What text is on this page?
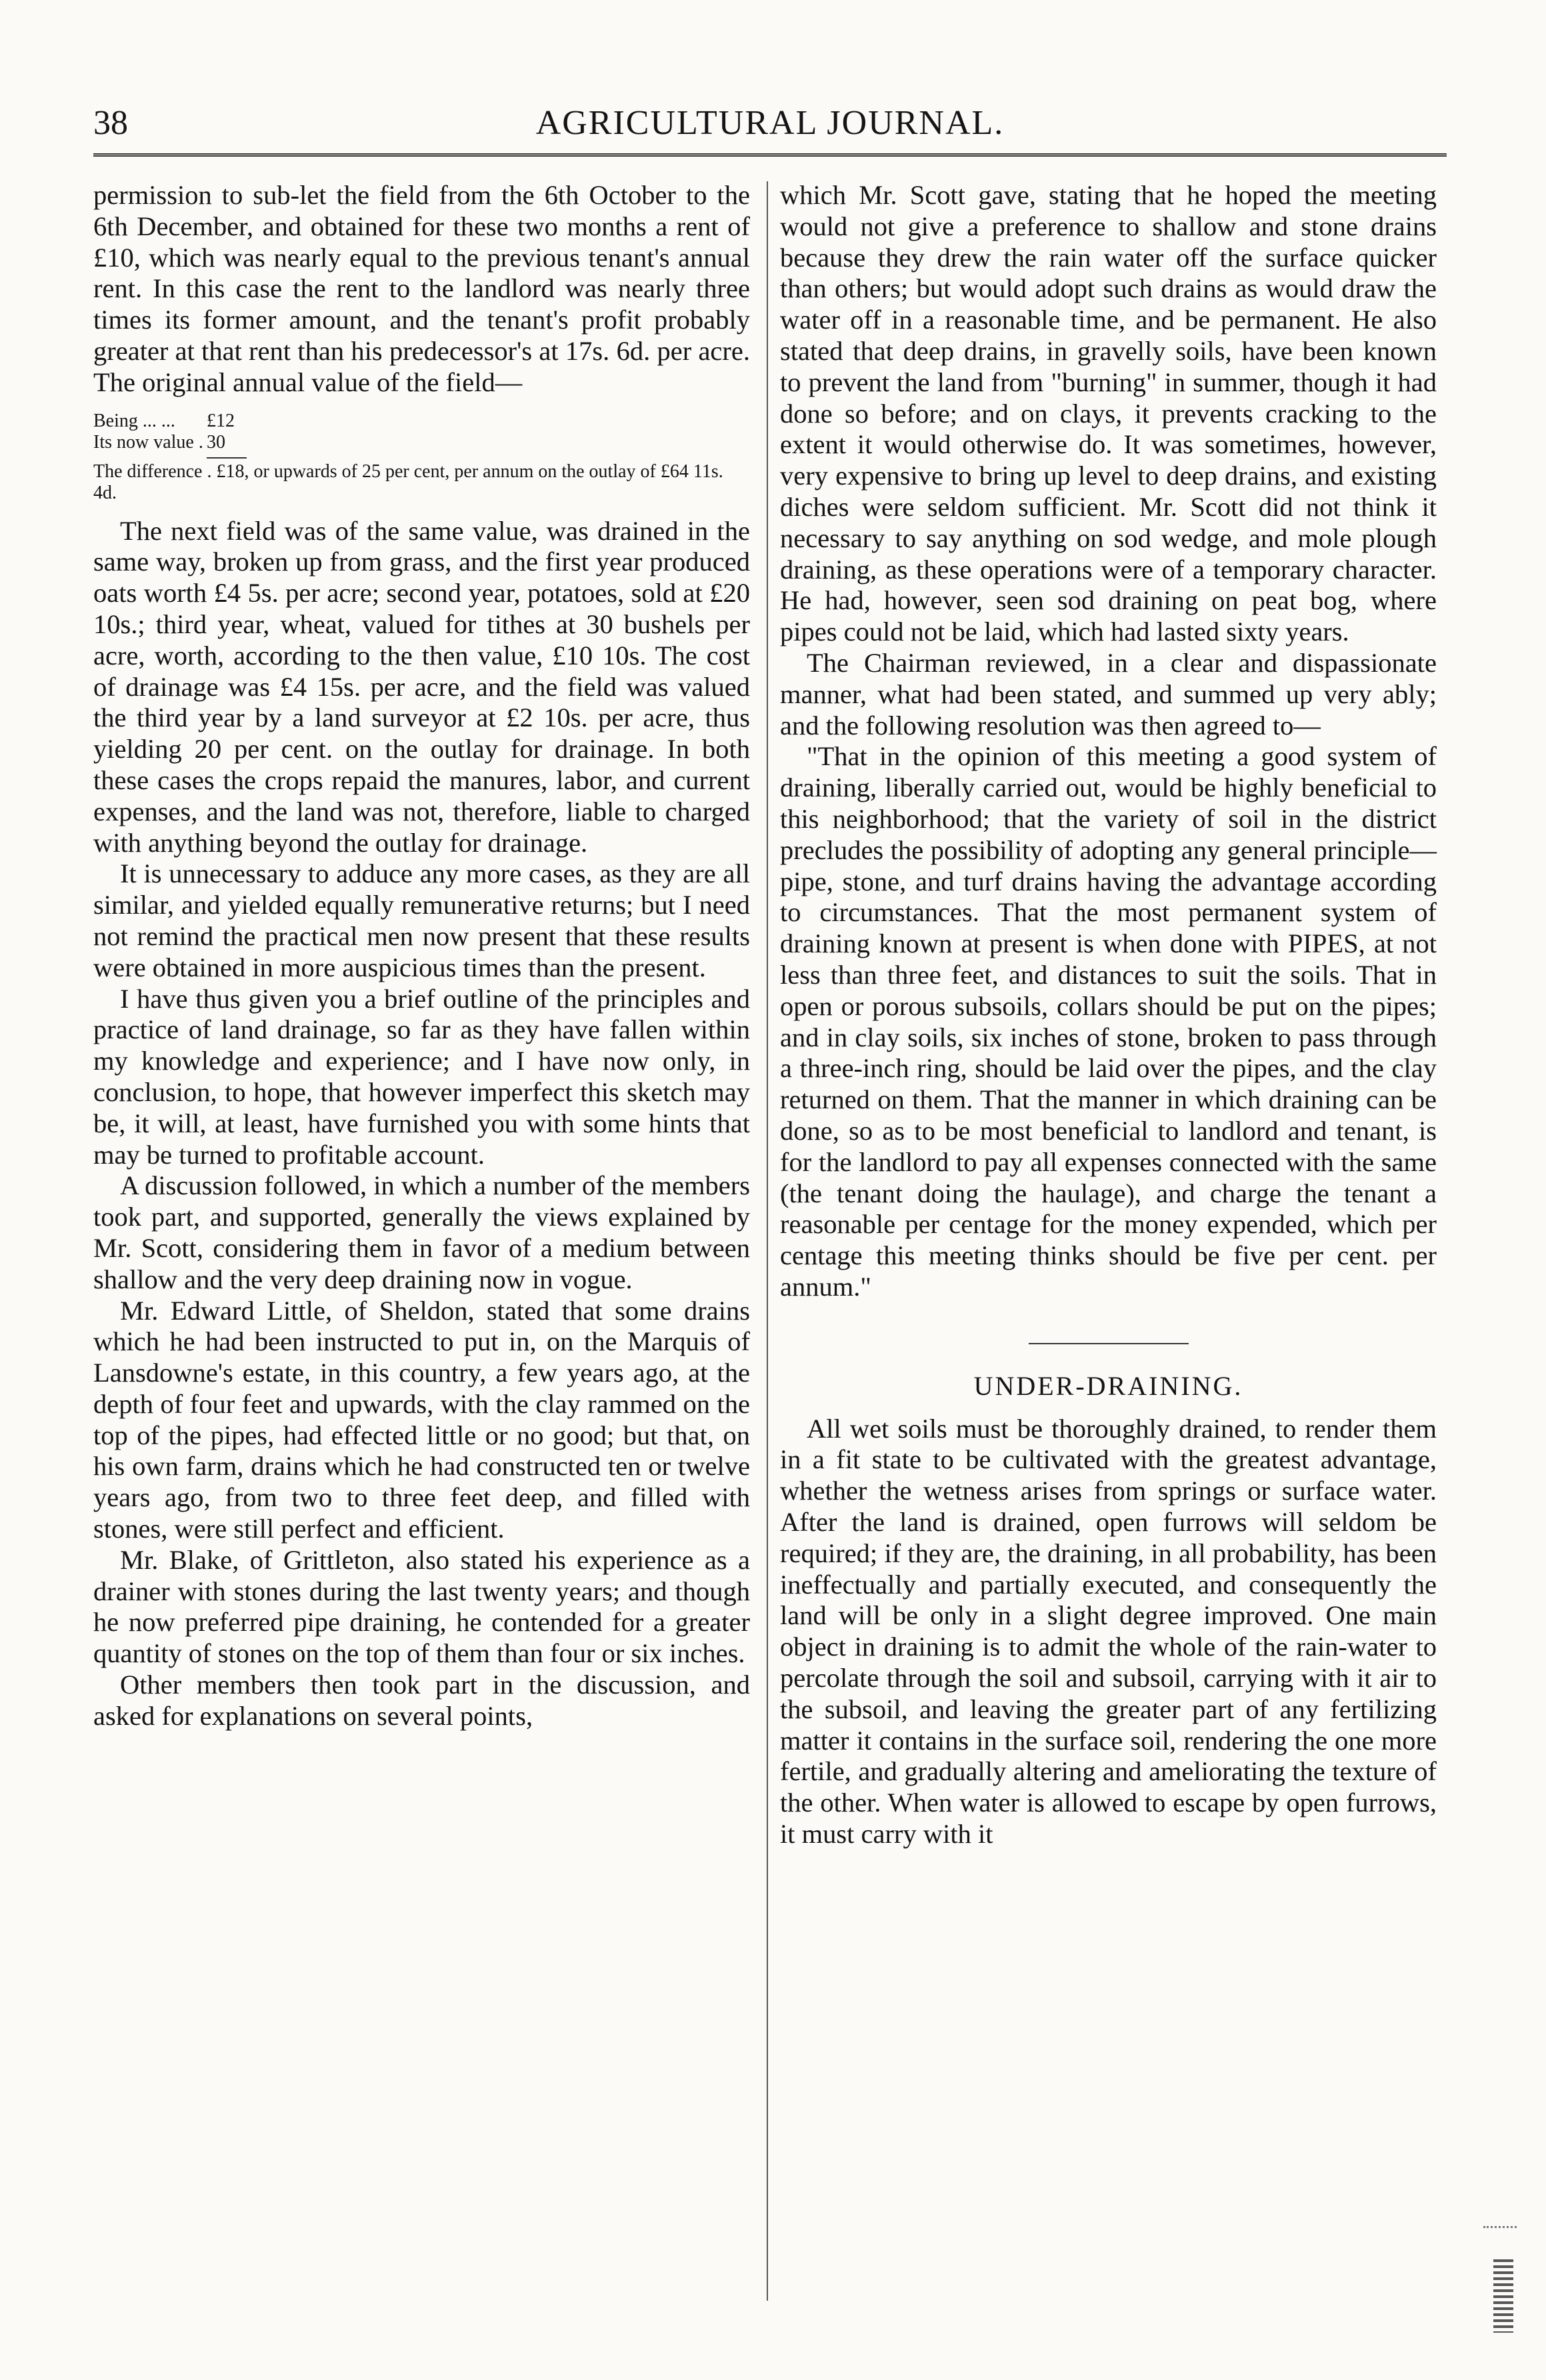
38	AGRICULTURAL JOURNAL.

permission to sub-let the field from the 6th October to the 6th December, and obtained for these two months a rent of £10, which was nearly equal to the previous tenant's annual rent. In this case the rent to the landlord was nearly three times its former amount, and the tenant's profit probably greater at that rent than his predecessor's at 17s. 6d. per acre. The original annual value of the field—

Being ... ...	£12
Its now value . 30
The difference . £18, or upwards of 25 per cent, per annum on the outlay of £64 11s. 4d.

The next field was of the same value, was drained in the same way, broken up from grass, and the first year produced oats worth £4 5s. per acre; second year, potatoes, sold at £20 10s.; third year, wheat, valued for tithes at 30 bushels per acre, worth, according to the then value, £10 10s. The cost of drainage was £4 15s. per acre, and the field was valued the third year by a land surveyor at £2 10s. per acre, thus yielding 20 per cent. on the outlay for drainage. In both these cases the crops repaid the manures, labor, and current expenses, and the land was not, therefore, liable to charged with anything beyond the outlay for drainage.

It is unnecessary to adduce any more cases, as they are all similar, and yielded equally remunerative returns; but I need not remind the practical men now present that these results were obtained in more auspicious times than the present.

I have thus given you a brief outline of the principles and practice of land drainage, so far as they have fallen within my knowledge and experience; and I have now only, in conclusion, to hope, that however imperfect this sketch may be, it will, at least, have furnished you with some hints that may be turned to profitable account.

A discussion followed, in which a number of the members took part, and supported, generally the views explained by Mr. Scott, considering them in favor of a medium between shallow and the very deep draining now in vogue.

Mr. Edward Little, of Sheldon, stated that some drains which he had been instructed to put in, on the Marquis of Lansdowne's estate, in this country, a few years ago, at the depth of four feet and upwards, with the clay rammed on the top of the pipes, had effected little or no good; but that, on his own farm, drains which he had constructed ten or twelve years ago, from two to three feet deep, and filled with stones, were still perfect and efficient.

Mr. Blake, of Grittleton, also stated his experience as a drainer with stones during the last twenty years; and though he now preferred pipe draining, he contended for a greater quantity of stones on the top of them than four or six inches.

Other members then took part in the discussion, and asked for explanations on several points,

which Mr. Scott gave, stating that he hoped the meeting would not give a preference to shallow and stone drains because they drew the rain water off the surface quicker than others; but would adopt such drains as would draw the water off in a reasonable time, and be permanent. He also stated that deep drains, in gravelly soils, have been known to prevent the land from "burning" in summer, though it had done so before; and on clays, it prevents cracking to the extent it would otherwise do. It was sometimes, however, very expensive to bring up level to deep drains, and existing diches were seldom sufficient. Mr. Scott did not think it necessary to say anything on sod wedge, and mole plough draining, as these operations were of a temporary character. He had, however, seen sod draining on peat bog, where pipes could not be laid, which had lasted sixty years.

The Chairman reviewed, in a clear and dispassionate manner, what had been stated, and summed up very ably; and the following resolution was then agreed to—

"That in the opinion of this meeting a good system of draining, liberally carried out, would be highly beneficial to this neighborhood; that the variety of soil in the district precludes the possibility of adopting any general principle—pipe, stone, and turf drains having the advantage according to circumstances. That the most permanent system of draining known at present is when done with PIPES, at not less than three feet, and distances to suit the soils. That in open or porous subsoils, collars should be put on the pipes; and in clay soils, six inches of stone, broken to pass through a three-inch ring, should be laid over the pipes, and the clay returned on them. That the manner in which draining can be done, so as to be most beneficial to landlord and tenant, is for the landlord to pay all expenses connected with the same (the tenant doing the haulage), and charge the tenant a reasonable per centage for the money expended, which per centage this meeting thinks should be five per cent. per annum."

UNDER-DRAINING.

All wet soils must be thoroughly drained, to render them in a fit state to be cultivated with the greatest advantage, whether the wetness arises from springs or surface water. After the land is drained, open furrows will seldom be required; if they are, the draining, in all probability, has been ineffectually and partially executed, and consequently the land will be only in a slight degree improved. One main object in draining is to admit the whole of the rain-water to percolate through the soil and subsoil, carrying with it air to the subsoil, and leaving the greater part of any fertilizing matter it contains in the surface soil, rendering the one more fertile, and gradually altering and ameliorating the texture of the other. When water is allowed to escape by open furrows, it must carry with it
